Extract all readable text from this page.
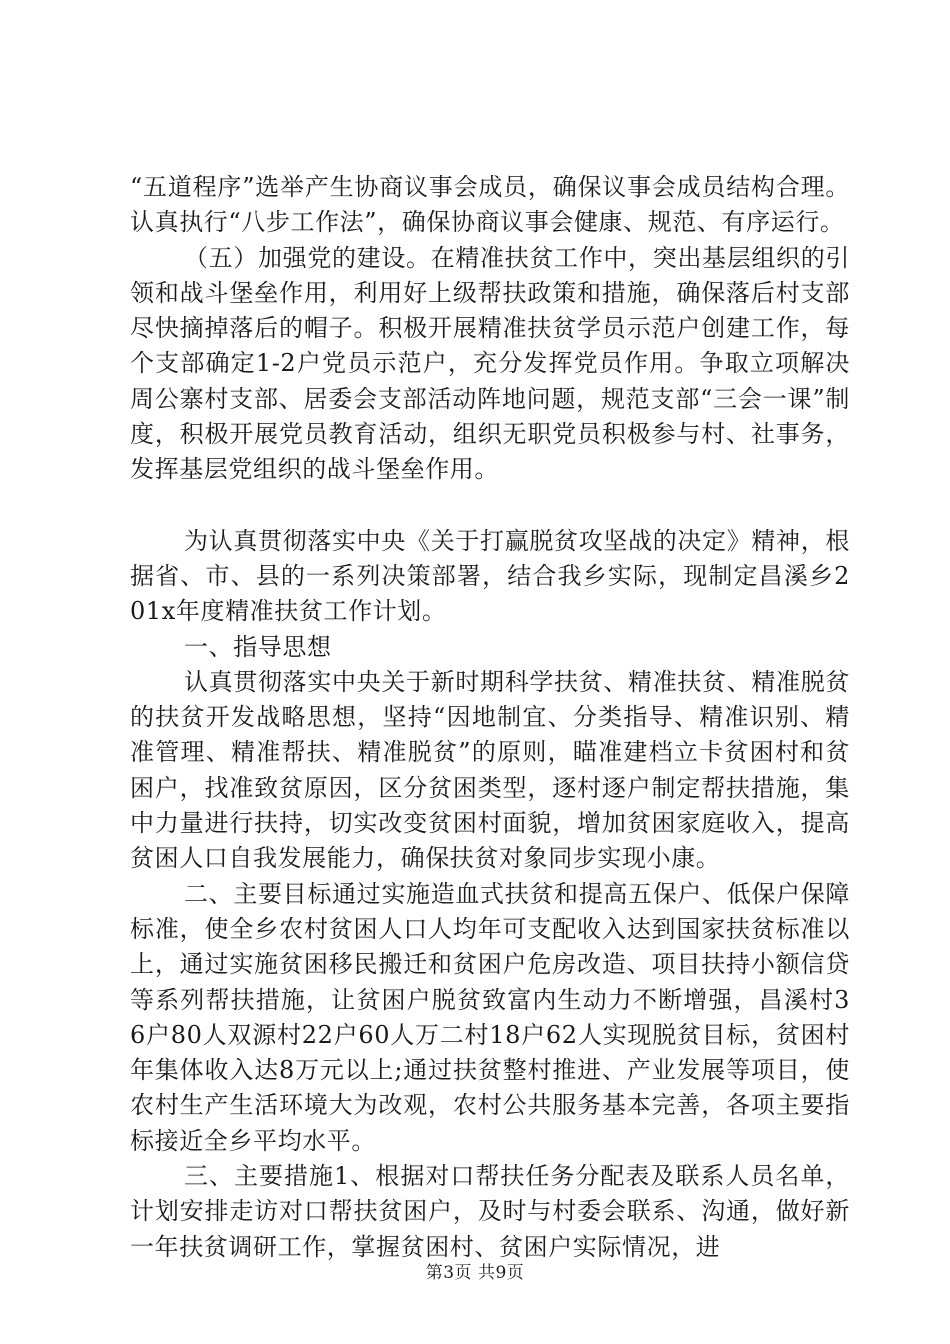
“五道程序”选举产生协商议事会成员，确保议事会成员结构合理。认真执行“八步工作法”，确保协商议事会健康、规范、有序运行。

（五）加强党的建设。在精准扶贫工作中，突出基层组织的引领和战斗堡垒作用，利用好上级帮扶政策和措施，确保落后村支部尽快摘掉落后的帽子。积极开展精准扶贫学员示范户创建工作，每个支部确定1-2户党员示范户，充分发挥党员作用。争取立项解决周公寨村支部、居委会支部活动阵地问题，规范支部“三会一课”制度，积极开展党员教育活动，组织无职党员积极参与村、社事务，发挥基层党组织的战斗堡垒作用。

为认真贯彻落实中央《关于打赢脱贫攻坚战的决定》精神，根据省、市、县的一系列决策部署，结合我乡实际，现制定昌溪乡201x年度精准扶贫工作计划。

一、指导思想

认真贯彻落实中央关于新时期科学扶贫、精准扶贫、精准脱贫的扶贫开发战略思想，坚持“因地制宜、分类指导、精准识别、精准管理、精准帮扶、精准脱贫”的原则，瞄准建档立卡贫困村和贫困户，找准致贫原因，区分贫困类型，逐村逐户制定帮扶措施，集中力量进行扶持，切实改变贫困村面貌，增加贫困家庭收入，提高贫困人口自我发展能力，确保扶贫对象同步实现小康。

二、主要目标通过实施造血式扶贫和提高五保户、低保户保障标准，使全乡农村贫困人口人均年可支配收入达到国家扶贫标准以上，通过实施贫困移民搬迁和贫困户危房改造、项目扶持小额信贷等系列帮扶措施，让贫困户脱贫致富内生动力不断增强，昌溪村36户80人双源村22户60人万二村18户62人实现脱贫目标，贫困村年集体收入达8万元以上;通过扶贫整村推进、产业发展等项目，使农村生产生活环境大为改观，农村公共服务基本完善，各项主要指标接近全乡平均水平。

三、主要措施1、根据对口帮扶任务分配表及联系人员名单，计划安排走访对口帮扶贫困户，及时与村委会联系、沟通，做好新一年扶贫调研工作，掌握贫困村、贫困户实际情况，进

第3页 共9页
